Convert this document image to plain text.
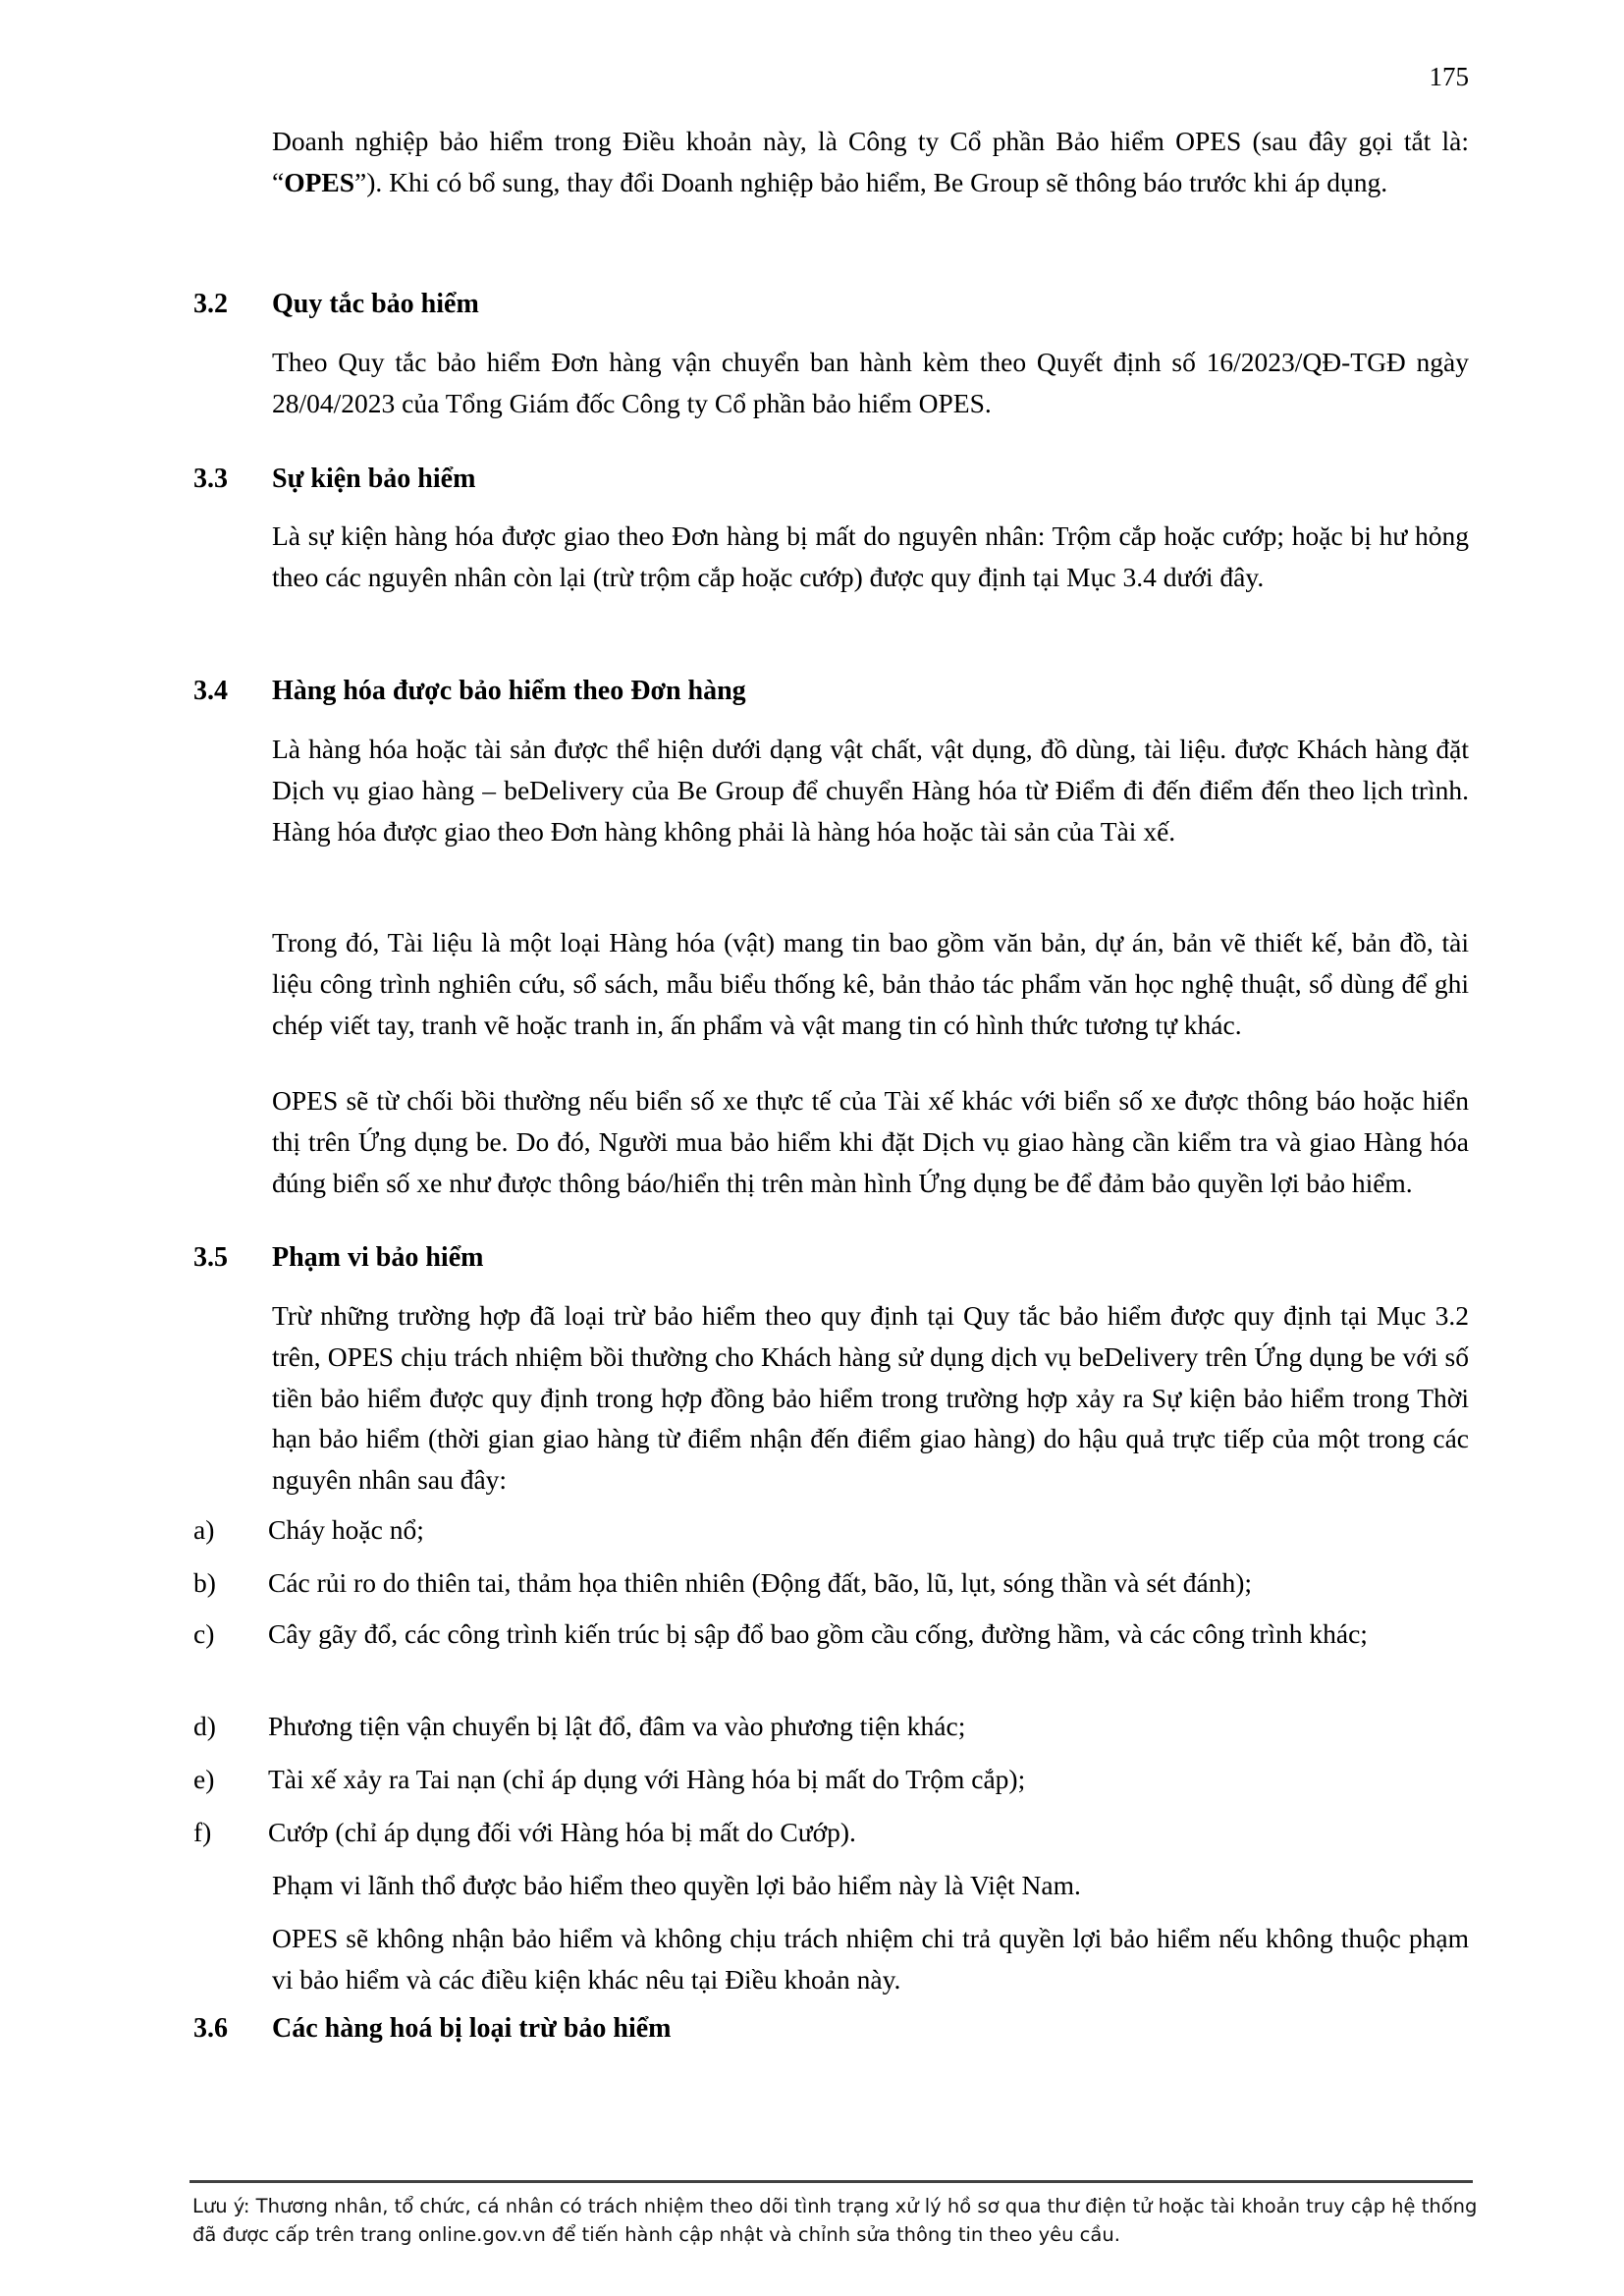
175
Doanh nghiệp bảo hiểm trong Điều khoản này, là Công ty Cổ phần Bảo hiểm OPES (sau đây gọi tắt là: “OPES”). Khi có bổ sung, thay đổi Doanh nghiệp bảo hiểm, Be Group sẽ thông báo trước khi áp dụng.
3.2 Quy tắc bảo hiểm
Theo Quy tắc bảo hiểm Đơn hàng vận chuyển ban hành kèm theo Quyết định số 16/2023/QĐ-TGĐ ngày 28/04/2023 của Tổng Giám đốc Công ty Cổ phần bảo hiểm OPES.
3.3 Sự kiện bảo hiểm
Là sự kiện hàng hóa được giao theo Đơn hàng bị mất do nguyên nhân: Trộm cắp hoặc cướp; hoặc bị hư hỏng theo các nguyên nhân còn lại (trừ trộm cắp hoặc cướp) được quy định tại Mục 3.4 dưới đây.
3.4 Hàng hóa được bảo hiểm theo Đơn hàng
Là hàng hóa hoặc tài sản được thể hiện dưới dạng vật chất, vật dụng, đồ dùng, tài liệu. được Khách hàng đặt Dịch vụ giao hàng – beDelivery của Be Group để chuyển Hàng hóa từ Điểm đi đến điểm đến theo lịch trình. Hàng hóa được giao theo Đơn hàng không phải là hàng hóa hoặc tài sản của Tài xế.
Trong đó, Tài liệu là một loại Hàng hóa (vật) mang tin bao gồm văn bản, dự án, bản vẽ thiết kế, bản đồ, tài liệu công trình nghiên cứu, sổ sách, mẫu biểu thống kê, bản thảo tác phẩm văn học nghệ thuật, sổ dùng để ghi chép viết tay, tranh vẽ hoặc tranh in, ấn phẩm và vật mang tin có hình thức tương tự khác.
OPES sẽ từ chối bồi thường nếu biển số xe thực tế của Tài xế khác với biển số xe được thông báo hoặc hiển thị trên Ứng dụng be. Do đó, Người mua bảo hiểm khi đặt Dịch vụ giao hàng cần kiểm tra và giao Hàng hóa đúng biển số xe như được thông báo/hiển thị trên màn hình Ứng dụng be để đảm bảo quyền lợi bảo hiểm.
3.5 Phạm vi bảo hiểm
Trừ những trường hợp đã loại trừ bảo hiểm theo quy định tại Quy tắc bảo hiểm được quy định tại Mục 3.2 trên, OPES chịu trách nhiệm bồi thường cho Khách hàng sử dụng dịch vụ beDelivery trên Ứng dụng be với số tiền bảo hiểm được quy định trong hợp đồng bảo hiểm trong trường hợp xảy ra Sự kiện bảo hiểm trong Thời hạn bảo hiểm (thời gian giao hàng từ điểm nhận đến điểm giao hàng) do hậu quả trực tiếp của một trong các nguyên nhân sau đây:
a) Cháy hoặc nổ;
b) Các rủi ro do thiên tai, thảm họa thiên nhiên (Động đất, bão, lũ, lụt, sóng thần và sét đánh);
c) Cây gãy đổ, các công trình kiến trúc bị sập đổ bao gồm cầu cống, đường hầm, và các công trình khác;
d) Phương tiện vận chuyển bị lật đổ, đâm va vào phương tiện khác;
e) Tài xế xảy ra Tai nạn (chỉ áp dụng với Hàng hóa bị mất do Trộm cắp);
f) Cướp (chỉ áp dụng đối với Hàng hóa bị mất do Cướp).
Phạm vi lãnh thổ được bảo hiểm theo quyền lợi bảo hiểm này là Việt Nam.
OPES sẽ không nhận bảo hiểm và không chịu trách nhiệm chi trả quyền lợi bảo hiểm nếu không thuộc phạm vi bảo hiểm và các điều kiện khác nêu tại Điều khoản này.
3.6 Các hàng hoá bị loại trừ bảo hiểm
Lưu ý: Thương nhân, tổ chức, cá nhân có trách nhiệm theo dõi tình trạng xử lý hồ sơ qua thư điện tử hoặc tài khoản truy cập hệ thống đã được cấp trên trang online.gov.vn để tiến hành cập nhật và chỉnh sửa thông tin theo yêu cầu.
